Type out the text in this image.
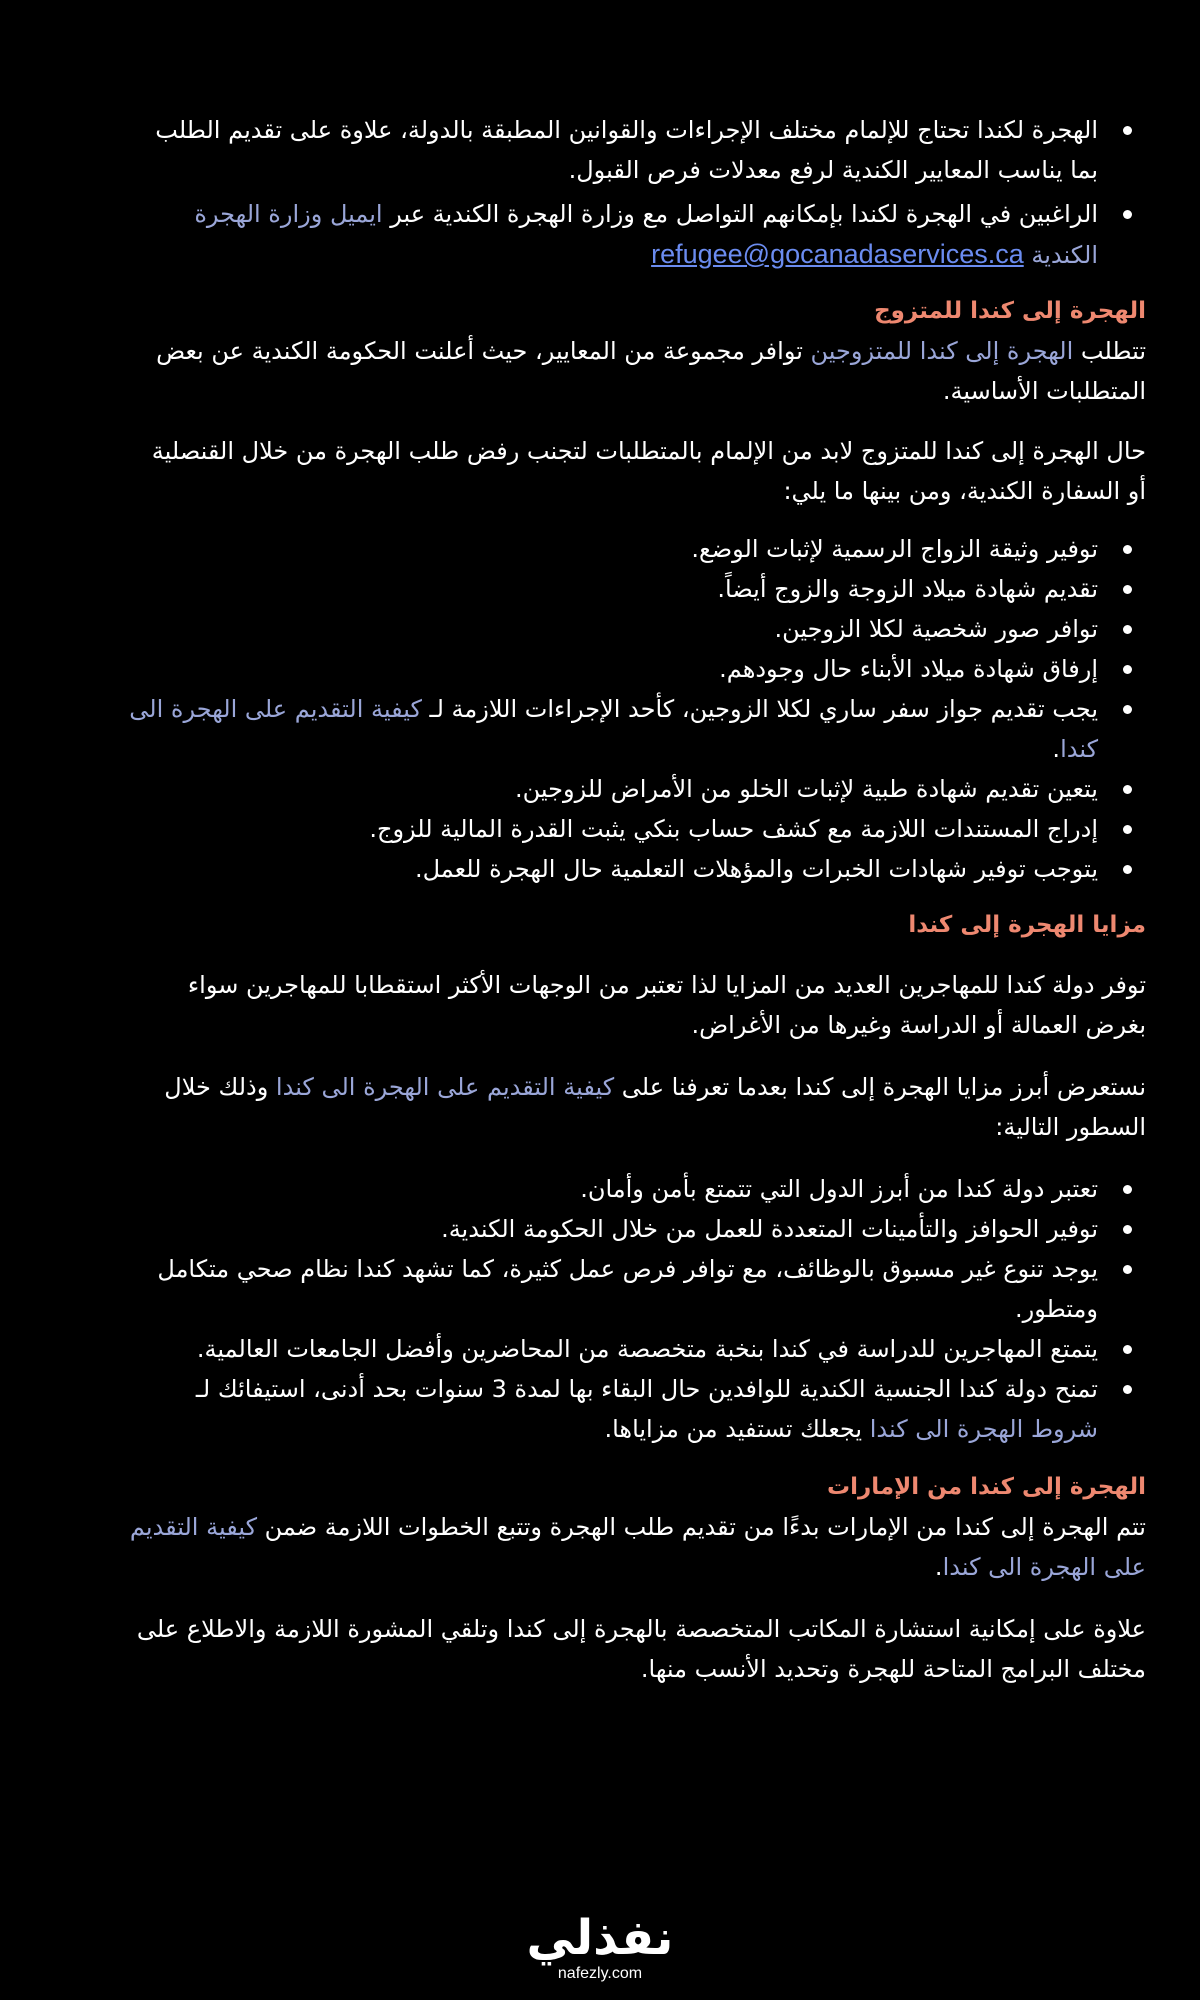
الهجرة لكندا تحتاج للإلمام مختلف الإجراءات والقوانين المطبقة بالدولة، علاوة على تقديم الطلب بما يناسب المعايير الكندية لرفع معدلات فرص القبول.
الراغبين في الهجرة لكندا بإمكانهم التواصل مع وزارة الهجرة الكندية عبر ايميل وزارة الهجرة الكندية refugee@gocanadaservices.ca

الهجرة إلى كندا للمتزوج

تتطلب الهجرة إلى كندا للمتزوجين توافر مجموعة من المعايير، حيث أعلنت الحكومة الكندية عن بعض المتطلبات الأساسية.

حال الهجرة إلى كندا للمتزوج لابد من الإلمام بالمتطلبات لتجنب رفض طلب الهجرة من خلال القنصلية أو السفارة الكندية، ومن بينها ما يلي:

توفير وثيقة الزواج الرسمية لإثبات الوضع.
تقديم شهادة ميلاد الزوجة والزوج أيضاً.
توافر صور شخصية لكلا الزوجين.
إرفاق شهادة ميلاد الأبناء حال وجودهم.
يجب تقديم جواز سفر ساري لكلا الزوجين، كأحد الإجراءات اللازمة لـ كيفية التقديم على الهجرة الى كندا.
يتعين تقديم شهادة طبية لإثبات الخلو من الأمراض للزوجين.
إدراج المستندات اللازمة مع كشف حساب بنكي يثبت القدرة المالية للزوج.
يتوجب توفير شهادات الخبرات والمؤهلات التعلمية حال الهجرة للعمل.

مزايا الهجرة إلى كندا

توفر دولة كندا للمهاجرين العديد من المزايا لذا تعتبر من الوجهات الأكثر استقطابا للمهاجرين سواء بغرض العمالة أو الدراسة وغيرها من الأغراض.

نستعرض أبرز مزايا الهجرة إلى كندا بعدما تعرفنا على كيفية التقديم على الهجرة الى كندا وذلك خلال السطور التالية:

تعتبر دولة كندا من أبرز الدول التي تتمتع بأمن وأمان.
توفير الحوافز والتأمينات المتعددة للعمل من خلال الحكومة الكندية.
يوجد تنوع غير مسبوق بالوظائف، مع توافر فرص عمل كثيرة، كما تشهد كندا نظام صحي متكامل ومتطور.
يتمتع المهاجرين للدراسة في كندا بنخبة متخصصة من المحاضرين وأفضل الجامعات العالمية.
تمنح دولة كندا الجنسية الكندية للوافدين حال البقاء بها لمدة 3 سنوات بحد أدنى، استيفائك لـ شروط الهجرة الى كندا يجعلك تستفيد من مزاياها.

الهجرة إلى كندا من الإمارات

تتم الهجرة إلى كندا من الإمارات بدءًا من تقديم طلب الهجرة وتتبع الخطوات اللازمة ضمن كيفية التقديم على الهجرة الى كندا.

علاوة على إمكانية استشارة المكاتب المتخصصة بالهجرة إلى كندا وتلقي المشورة اللازمة والاطلاع على مختلف البرامج المتاحة للهجرة وتحديد الأنسب منها.

نفذلي
nafezly.com
